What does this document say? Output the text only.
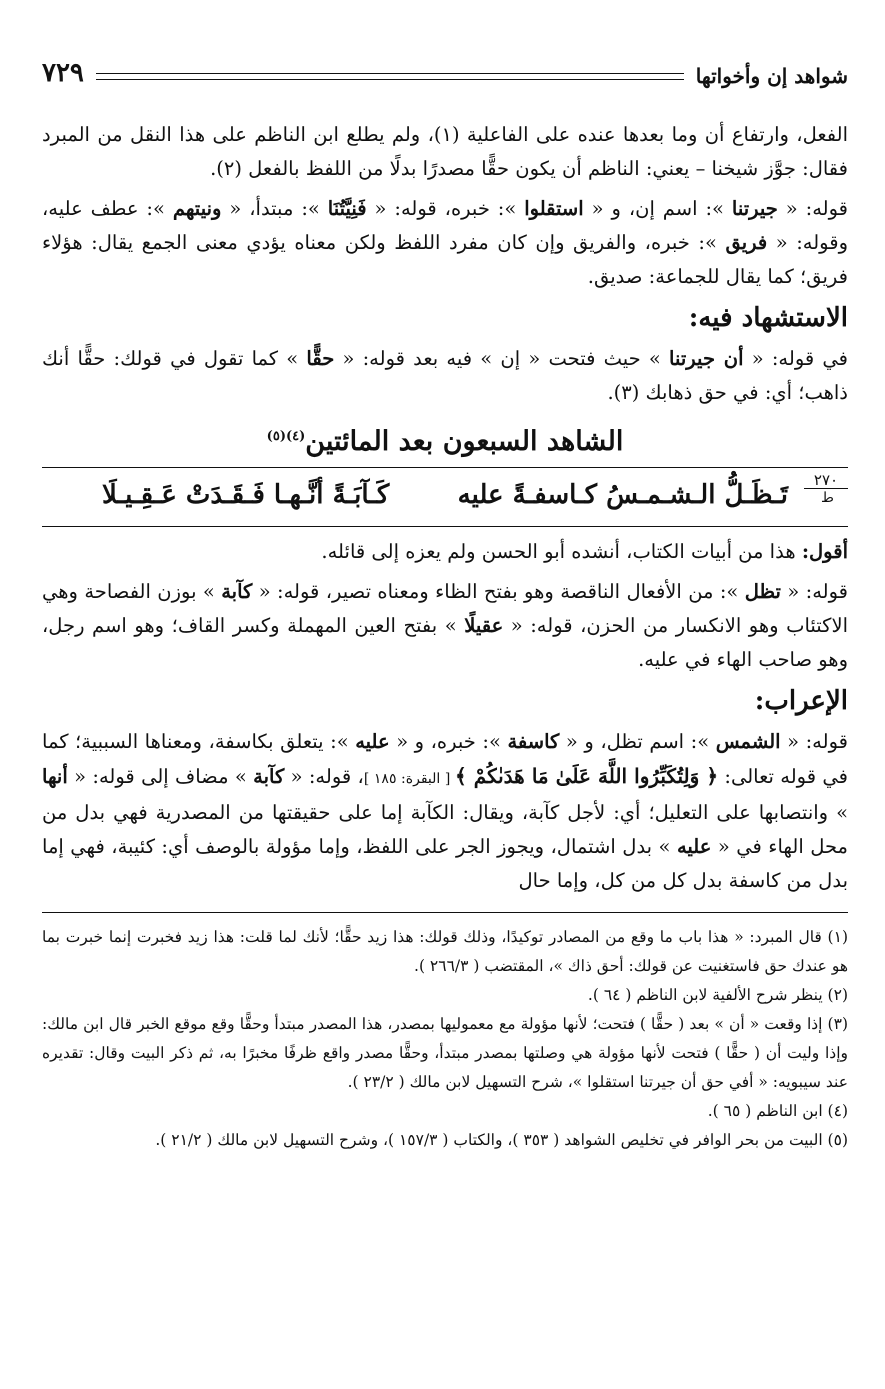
شواهد إن وأخواتها
٧٢٩

الفعل، وارتفاع أن وما بعدها عنده على الفاعلية (١)، ولم يطلع ابن الناظم على هذا النقل من المبرد فقال: جوَّز شيخنا – يعني: الناظم أن يكون حقًّا مصدرًا بدلًا من اللفظ بالفعل (٢).

قوله: « جيرتنا »: اسم إن، و « استقلوا »: خبره، قوله: « فَنِيَّتُنَا »: مبتدأ، « ونيتهم »: عطف عليه، وقوله: « فريق »: خبره، والفريق وإن كان مفرد اللفظ ولكن معناه يؤدي معنى الجمع يقال: هؤلاء فريق؛ كما يقال للجماعة: صديق.

الاستشهاد فيه:

في قوله: « أن جيرتنا » حيث فتحت « إن » فيه بعد قوله: « حقًّا » كما تقول في قولك: حقًّا أنك ذاهب؛ أي: في حق ذهابك (٣).

الشاهد السبعون بعد المائتين$^{(٤)(٥)}$
٢٧٠
ط
تَـظَـلُّ الـشـمـسُ كـاسفـةً عليه
كَـآبَـةً أنَّـهـا فَـقَـدَتْ عَـقِـيـلَا

أقول: هذا من أبيات الكتاب، أنشده أبو الحسن ولم يعزه إلى قائله.

قوله: « تظل »: من الأفعال الناقصة وهو بفتح الظاء ومعناه تصير، قوله: « كآبة » بوزن الفصاحة وهي الاكتئاب وهو الانكسار من الحزن، قوله: « عقيلًا » بفتح العين المهملة وكسر القاف؛ وهو اسم رجل، وهو صاحب الهاء في عليه.

الإعراب:

قوله: « الشمس »: اسم تظل، و « كاسفة »: خبره، و « عليه »: يتعلق بكاسفة، ومعناها السببية؛ كما في قوله تعالى: ﴿ وَلِتُكَبِّرُوا اللَّهَ عَلَىٰ مَا هَدَىٰكُمْ ﴾ [ البقرة: ١٨٥ ]، قوله: « كآبة » مضاف إلى قوله: « أنها » وانتصابها على التعليل؛ أي: لأجل كآبة، ويقال: الكآبة إما على حقيقتها من المصدرية فهي بدل من محل الهاء في « عليه » بدل اشتمال، ويجوز الجر على اللفظ، وإما مؤولة بالوصف أي: كئيبة، فهي إما بدل من كاسفة بدل كل من كل، وإما حال

(١) قال المبرد: « هذا باب ما وقع من المصادر توكيدًا، وذلك قولك: هذا زيد حقًّا؛ لأنك لما قلت: هذا زيد فخبرت إنما خبرت بما هو عندك حق فاستغنيت عن قولك: أحق ذاك »، المقتضب ( ٢٦٦/٣ ).

(٢) ينظر شرح الألفية لابن الناظم ( ٦٤ ).

(٣) إذا وقعت « أن » بعد ( حقًّا ) فتحت؛ لأنها مؤولة مع معموليها بمصدر، هذا المصدر مبتدأ وحقًّا وقع موقع الخبر قال ابن مالك: وإذا وليت أن ( حقًّا ) فتحت لأنها مؤولة هي وصلتها بمصدر مبتدأ، وحقًّا مصدر واقع ظرفًا مخبرًا به، ثم ذكر البيت وقال: تقديره عند سيبويه: « أفي حق أن جيرتنا استقلوا »، شرح التسهيل لابن مالك ( ٢٣/٢ ).

(٤) ابن الناظم ( ٦٥ ).

(٥) البيت من بحر الوافر في تخليص الشواهد ( ٣٥٣ )، والكتاب ( ١٥٧/٣ )، وشرح التسهيل لابن مالك ( ٢١/٢ ).
